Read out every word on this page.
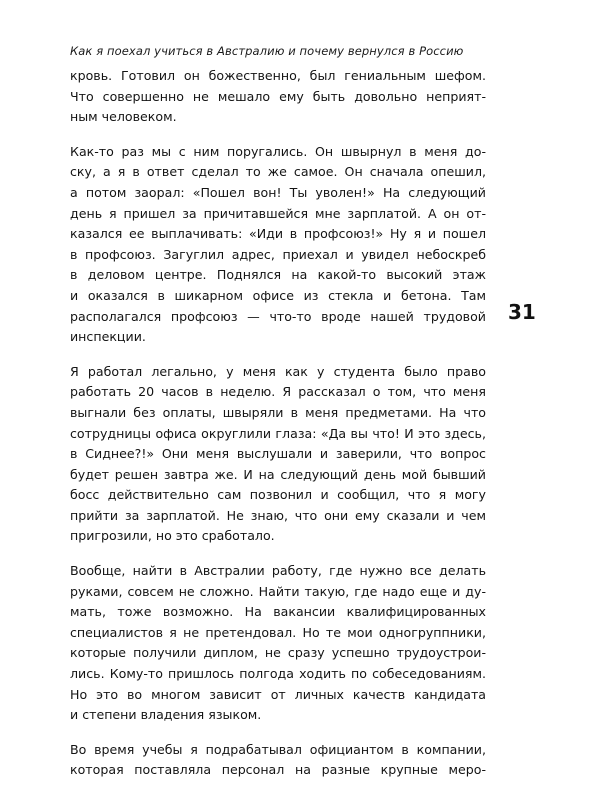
Как я поехал учиться в Австралию и почему вернулся в Россию
кровь. Готовил он божественно, был гениальным шефом.
Что совершенно не мешало ему быть довольно неприят-
ным человеком.
Как-то раз мы с ним поругались. Он швырнул в меня до-
ску, а я в ответ сделал то же самое. Он сначала опешил,
а потом заорал: «Пошел вон! Ты уволен!» На следующий
день я пришел за причитавшейся мне зарплатой. А он от-
казался ее выплачивать: «Иди в профсоюз!» Ну я и пошел
в профсоюз. Загуглил адрес, приехал и увидел небоскреб
в деловом центре. Поднялся на какой-то высокий этаж
и оказался в шикарном офисе из стекла и бетона. Там
располагался профсоюз — что-то вроде нашей трудовой
инспекции.
Я работал легально, у меня как у студента было право
работать 20 часов в неделю. Я рассказал о том, что меня
выгнали без оплаты, швыряли в меня предметами. На что
сотрудницы офиса округлили глаза: «Да вы что! И это здесь,
в Сиднее?!» Они меня выслушали и заверили, что вопрос
будет решен завтра же. И на следующий день мой бывший
босс действительно сам позвонил и сообщил, что я могу
прийти за зарплатой. Не знаю, что они ему сказали и чем
пригрозили, но это сработало.
Вообще, найти в Австралии работу, где нужно все делать
руками, совсем не сложно. Найти такую, где надо еще и ду-
мать, тоже возможно. На вакансии квалифицированных
специалистов я не претендовал. Но те мои одногруппники,
которые получили диплом, не сразу успешно трудоустрои-
лись. Кому-то пришлось полгода ходить по собеседованиям.
Но это во многом зависит от личных качеств кандидата
и степени владения языком.
Во время учебы я подрабатывал официантом в компании,
которая поставляла персонал на разные крупные меро-
31
